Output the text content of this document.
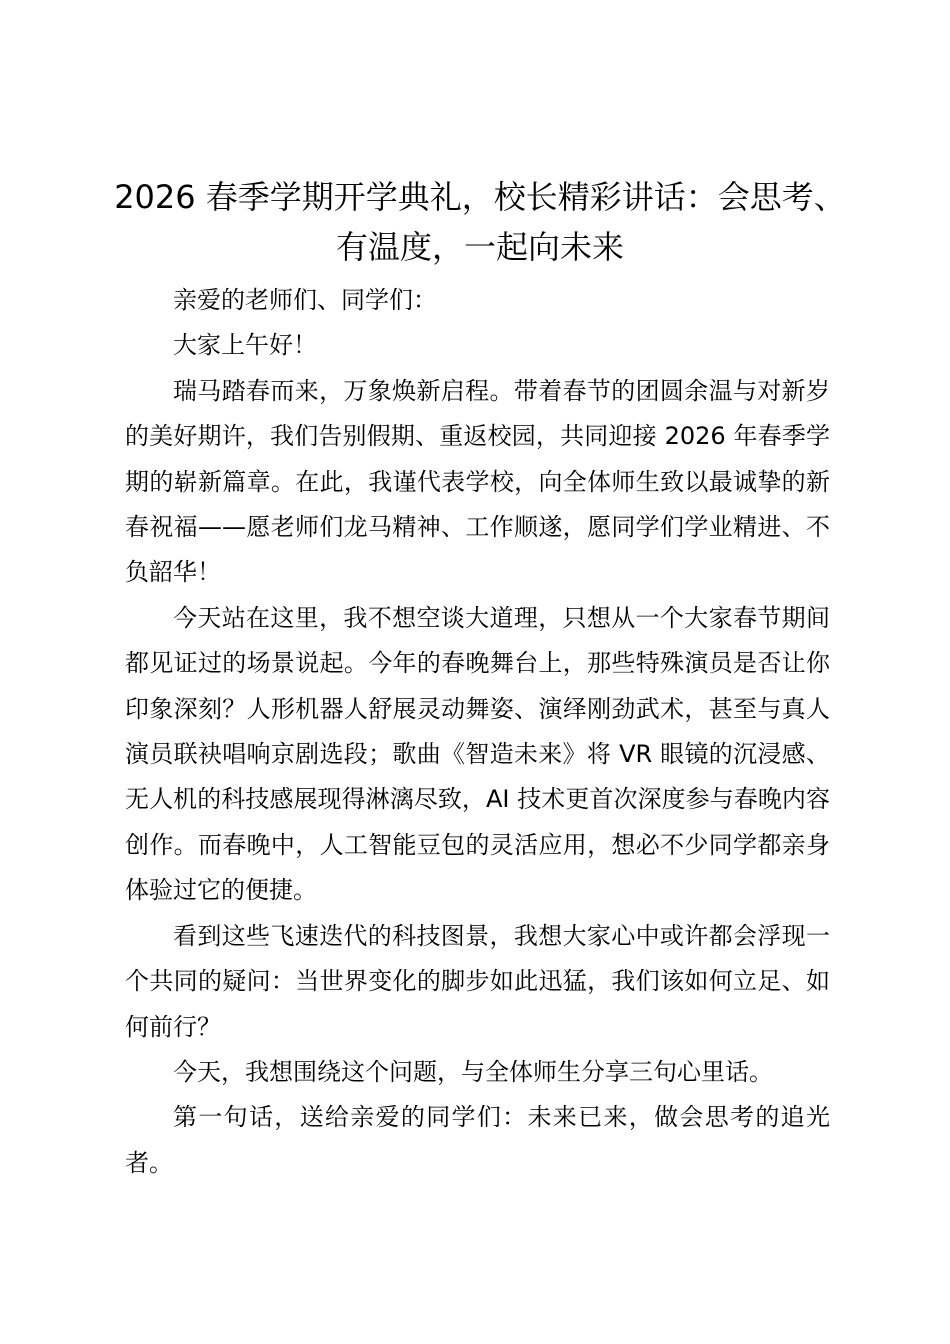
2026 春季学期开学典礼，校长精彩讲话：会思考、有温度，一起向未来

亲爱的老师们、同学们：

大家上午好！

瑞马踏春而来，万象焕新启程。带着春节的团圆余温与对新岁的美好期许，我们告别假期、重返校园，共同迎接 2026 年春季学期的崭新篇章。在此，我谨代表学校，向全体师生致以最诚挚的新春祝福——愿老师们龙马精神、工作顺遂，愿同学们学业精进、不负韶华！

今天站在这里，我不想空谈大道理，只想从一个大家春节期间都见证过的场景说起。今年的春晚舞台上，那些特殊演员是否让你印象深刻？人形机器人舒展灵动舞姿、演绎刚劲武术，甚至与真人演员联袂唱响京剧选段；歌曲《智造未来》将 VR 眼镜的沉浸感、无人机的科技感展现得淋漓尽致，AI 技术更首次深度参与春晚内容创作。而春晚中，人工智能豆包的灵活应用，想必不少同学都亲身体验过它的便捷。

看到这些飞速迭代的科技图景，我想大家心中或许都会浮现一个共同的疑问：当世界变化的脚步如此迅猛，我们该如何立足、如何前行？

今天，我想围绕这个问题，与全体师生分享三句心里话。

第一句话，送给亲爱的同学们：未来已来，做会思考的追光者。
